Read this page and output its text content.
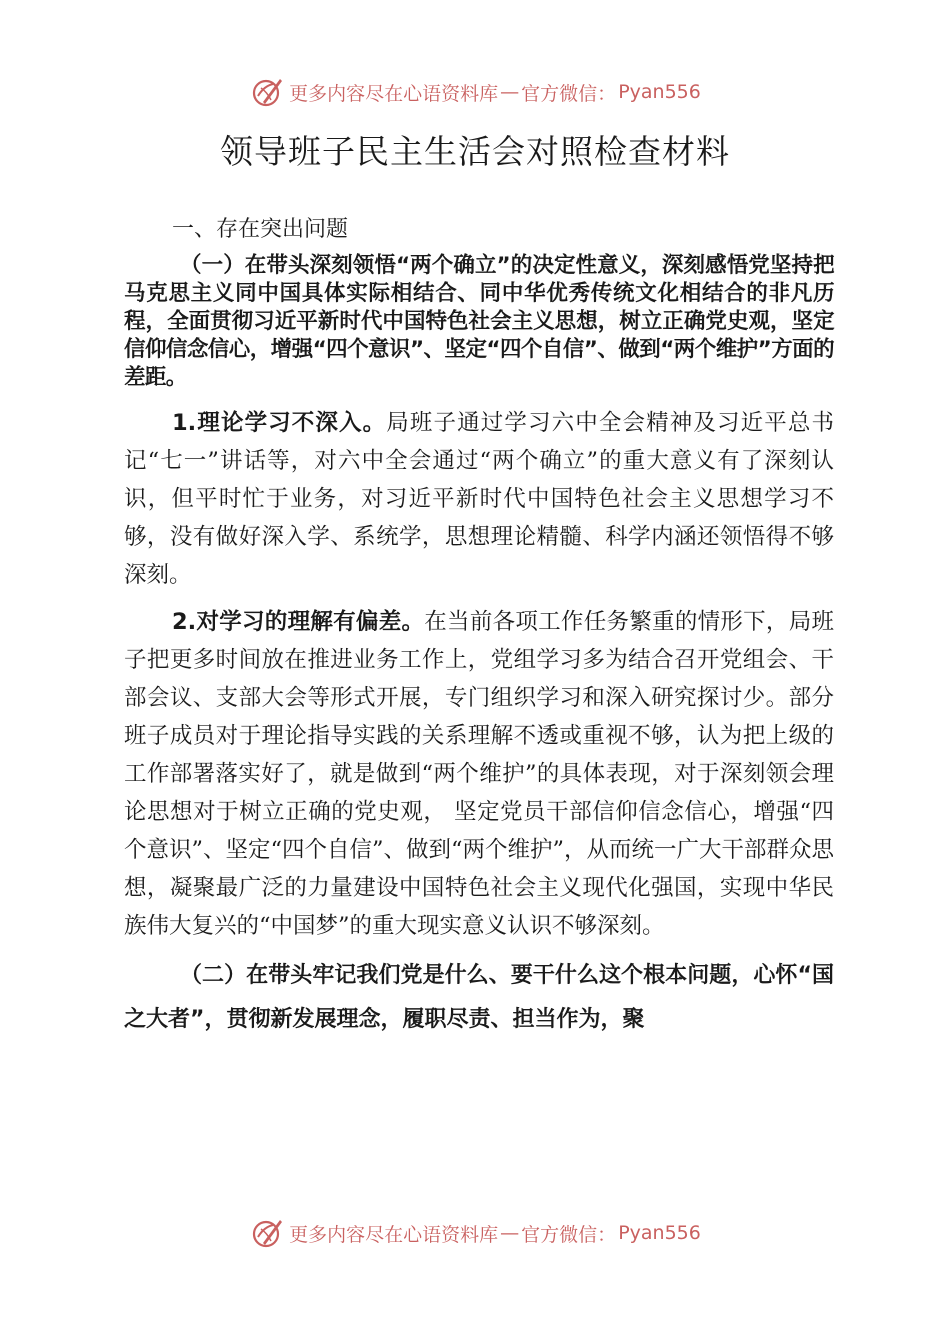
更多内容尽在心语资料库 — 官方微信： Pyan556
领导班子民主生活会对照检查材料
一、存在突出问题
（一）在带头深刻领悟“两个确立”的决定性意义，深刻感悟党坚持把马克思主义同中国具体实际相结合、同中华优秀传统文化相结合的非凡历程，全面贯彻习近平新时代中国特色社会主义思想，树立正确党史观，坚定信仰信念信心，增强“四个意识”、坚定“四个自信”、做到“两个维护”方面的差距。

1.理论学习不深入。局班子通过学习六中全会精神及习近平总书记“七一”讲话等，对六中全会通过“两个确立”的重大意义有了深刻认识，但平时忙于业务，对习近平新时代中国特色社会主义思想学习不够，没有做好深入学、系统学，思想理论精髓、科学内涵还领悟得不够深刻。

2.对学习的理解有偏差。在当前各项工作任务繁重的情形下，局班子把更多时间放在推进业务工作上，党组学习多为结合召开党组会、干部会议、支部大会等形式开展，专门组织学习和深入研究探讨少。部分班子成员对于理论指导实践的关系理解不透或重视不够，认为把上级的工作部署落实好了，就是做到“两个维护”的具体表现，对于深刻领会理论思想对于树立正确的党史观， 坚定党员干部信仰信念信心，增强“四个意识”、坚定“四个自信”、做到“两个维护”，从而统一广大干部群众思想，凝聚最广泛的力量建设中国特色社会主义现代化强国，实现中华民族伟大复兴的“中国梦”的重大现实意义认识不够深刻。

（二）在带头牢记我们党是什么、要干什么这个根本问题，心怀“国之大者”，贯彻新发展理念，履职尽责、担当作为，聚
更多内容尽在心语资料库 — 官方微信： Pyan556
